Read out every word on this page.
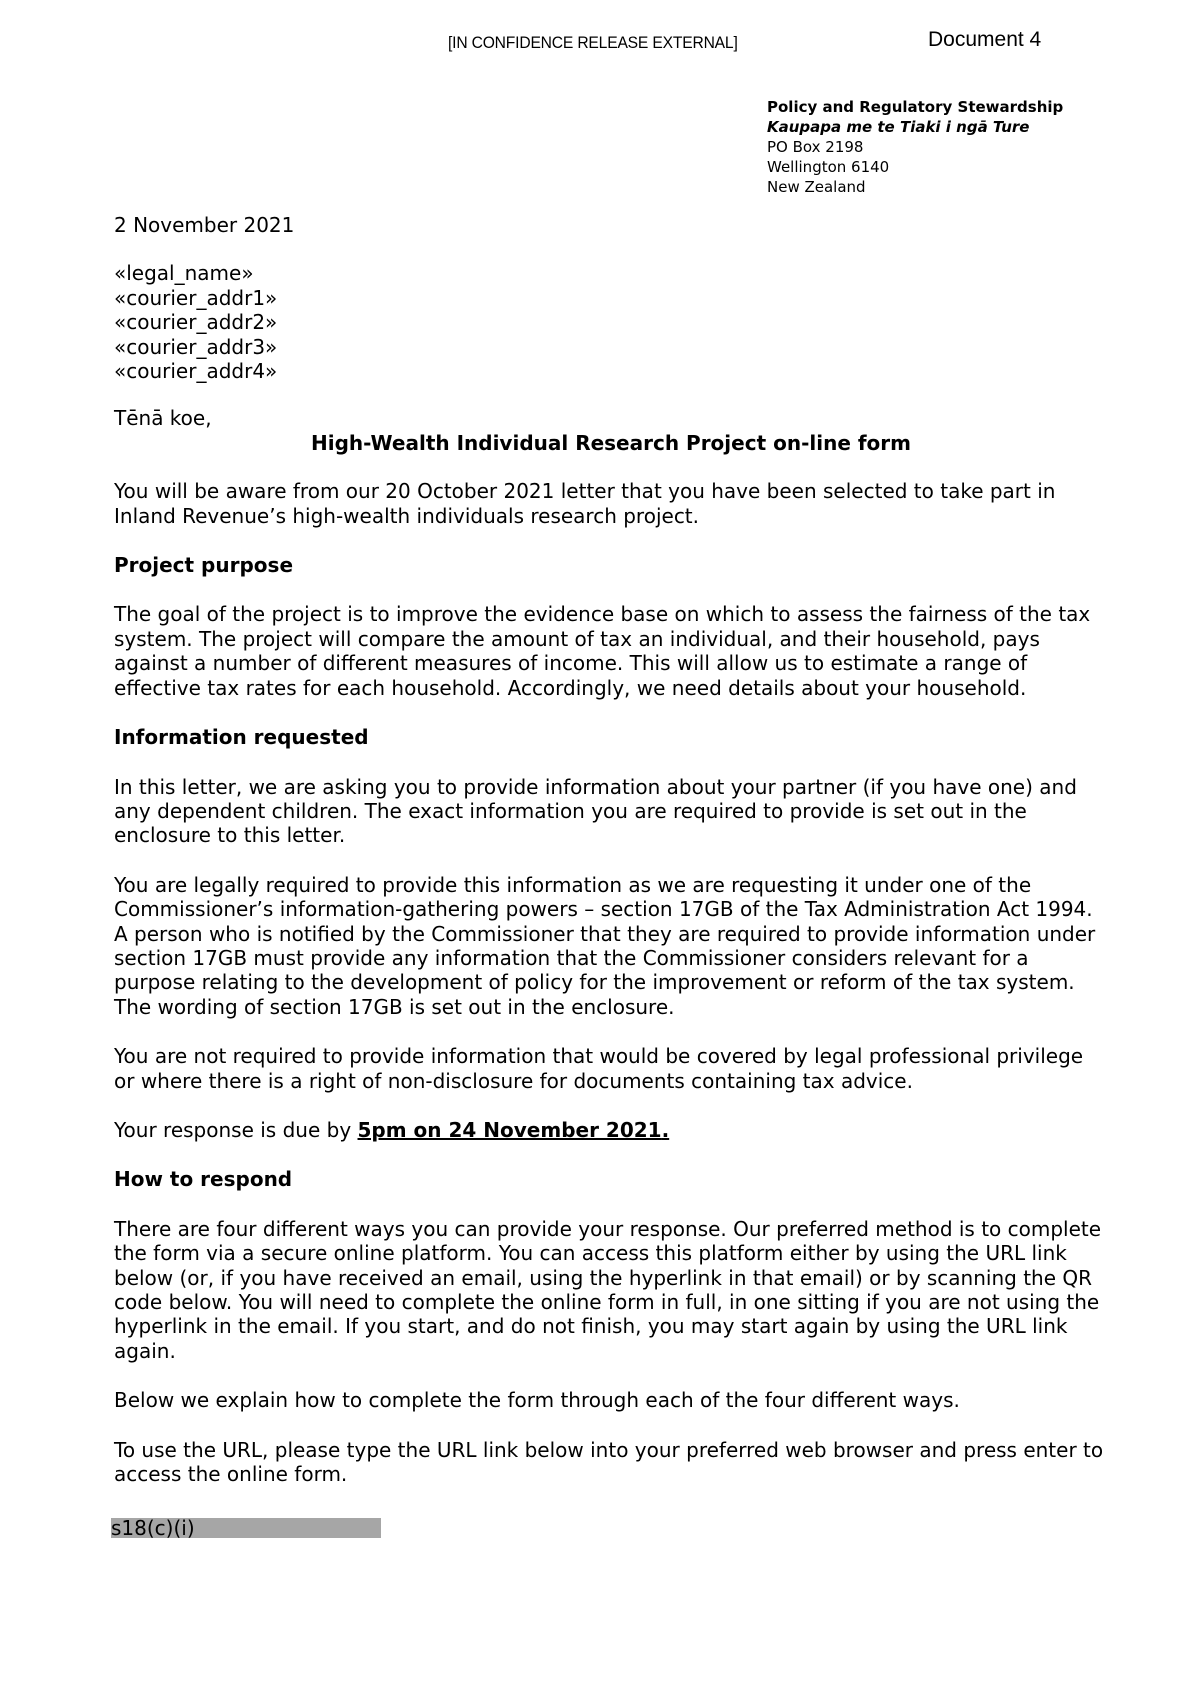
[IN CONFIDENCE RELEASE EXTERNAL]	Document 4
Policy and Regulatory Stewardship
Kaupapa me te Tiaki i ngā Ture
PO Box 2198
Wellington 6140
New Zealand

2 November 2021

«legal_name»

«courier_addr1»

«courier_addr2»

«courier_addr3»

«courier_addr4»

Tēnā koe,

High-Wealth Individual Research Project on-line form

You will be aware from our 20 October 2021 letter that you have been selected to take part in Inland Revenue’s high-wealth individuals research project.

Project purpose

The goal of the project is to improve the evidence base on which to assess the fairness of the tax system. The project will compare the amount of tax an individual, and their household, pays against a number of different measures of income. This will allow us to estimate a range of effective tax rates for each household. Accordingly, we need details about your household.

Information requested

In this letter, we are asking you to provide information about your partner (if you have one) and any dependent children. The exact information you are required to provide is set out in the enclosure to this letter.

You are legally required to provide this information as we are requesting it under one of the Commissioner’s information-gathering powers – section 17GB of the Tax Administration Act 1994. A person who is notified by the Commissioner that they are required to provide information under section 17GB must provide any information that the Commissioner considers relevant for a purpose relating to the development of policy for the improvement or reform of the tax system. The wording of section 17GB is set out in the enclosure.

You are not required to provide information that would be covered by legal professional privilege or where there is a right of non-disclosure for documents containing tax advice.

Your response is due by 5pm on 24 November 2021.

How to respond

There are four different ways you can provide your response. Our preferred method is to complete the form via a secure online platform. You can access this platform either by using the URL link below (or, if you have received an email, using the hyperlink in that email) or by scanning the QR code below. You will need to complete the online form in full, in one sitting if you are not using the hyperlink in the email. If you start, and do not finish, you may start again by using the URL link again.

Below we explain how to complete the form through each of the four different ways.

To use the URL, please type the URL link below into your preferred web browser and press enter to access the online form.

s18(c)(i)
